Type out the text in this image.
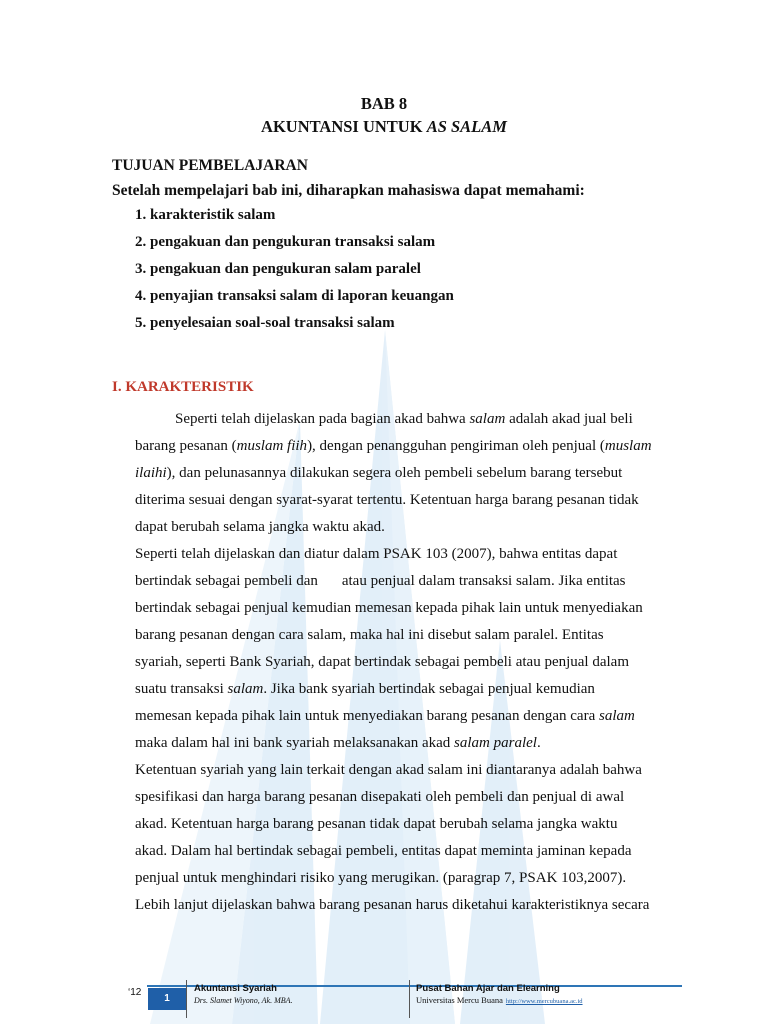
BAB 8
AKUNTANSI UNTUK AS SALAM
TUJUAN PEMBELAJARAN
Setelah mempelajari bab ini, diharapkan mahasiswa dapat memahami:
1. karakteristik salam
2. pengakuan dan pengukuran transaksi salam
3. pengakuan dan pengukuran salam paralel
4. penyajian transaksi salam di laporan keuangan
5. penyelesaian soal-soal transaksi salam
I. KARAKTERISTIK
Seperti telah dijelaskan pada bagian akad bahwa salam adalah akad jual beli
barang pesanan (muslam fiih), dengan penangguhan pengiriman oleh penjual (muslam
ilaihi), dan pelunasannya dilakukan segera oleh pembeli sebelum barang tersebut
diterima sesuai dengan syarat-syarat tertentu. Ketentuan harga barang pesanan tidak
dapat berubah selama jangka waktu akad.
Seperti telah dijelaskan dan diatur dalam PSAK 103 (2007), bahwa entitas dapat
bertindak sebagai pembeli dan atau penjual dalam transaksi salam. Jika entitas
bertindak sebagai penjual kemudian memesan kepada pihak lain untuk menyediakan
barang pesanan dengan cara salam, maka hal ini disebut salam paralel. Entitas
syariah, seperti Bank Syariah, dapat bertindak sebagai pembeli atau penjual dalam
suatu transaksi salam. Jika bank syariah bertindak sebagai penjual kemudian
memesan kepada pihak lain untuk menyediakan barang pesanan dengan cara salam
maka dalam hal ini bank syariah melaksanakan akad salam paralel.
Ketentuan syariah yang lain terkait dengan akad salam ini diantaranya adalah bahwa
spesifikasi dan harga barang pesanan disepakati oleh pembeli dan penjual di awal
akad. Ketentuan harga barang pesanan tidak dapat berubah selama jangka waktu
akad. Dalam hal bertindak sebagai pembeli, entitas dapat meminta jaminan kepada
penjual untuk menghindari risiko yang merugikan. (paragrap 7, PSAK 103,2007).
Lebih lanjut dijelaskan bahwa barang pesanan harus diketahui karakteristiknya secara
‘12
1
Akuntansi Syariah
Drs. Slamet Wiyono, Ak. MBA.
Pusat Bahan Ajar dan Elearning
Universitas Mercu Buana http://www.mercubuana.ac.id
